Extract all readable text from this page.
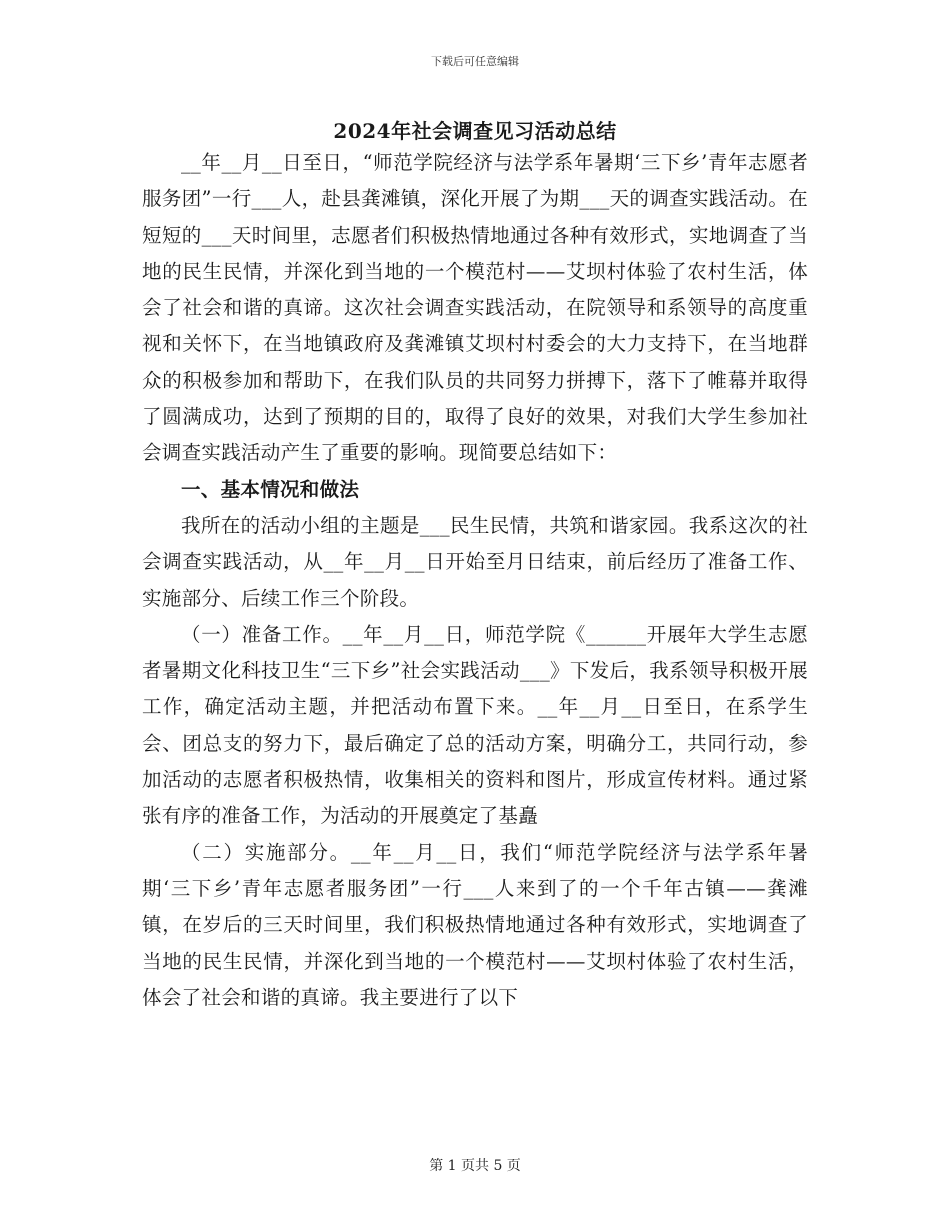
下载后可任意编辑
2024年社会调查见习活动总结

__年__月__日至日，“师范学院经济与法学系年暑期‘三下乡’青年志愿者服务团”一行___人，赴县龚滩镇，深化开展了为期___天的调查实践活动。在短短的___天时间里，志愿者们积极热情地通过各种有效形式，实地调查了当地的民生民情，并深化到当地的一个模范村——艾坝村体验了农村生活，体会了社会和谐的真谛。这次社会调查实践活动，在院领导和系领导的高度重视和关怀下，在当地镇政府及龚滩镇艾坝村村委会的大力支持下，在当地群众的积极参加和帮助下，在我们队员的共同努力拼搏下，落下了帷幕并取得了圆满成功，达到了预期的目的，取得了良好的效果，对我们大学生参加社会调查实践活动产生了重要的影响。现简要总结如下：

一、基本情况和做法

我所在的活动小组的主题是___民生民情，共筑和谐家园。我系这次的社会调查实践活动，从__年__月__日开始至月日结束，前后经历了准备工作、实施部分、后续工作三个阶段。

（一）准备工作。__年__月__日，师范学院《______开展年大学生志愿者暑期文化科技卫生“三下乡”社会实践活动___》下发后，我系领导积极开展工作，确定活动主题，并把活动布置下来。__年__月__日至日，在系学生会、团总支的努力下，最后确定了总的活动方案，明确分工，共同行动，参加活动的志愿者积极热情，收集相关的资料和图片，形成宣传材料。通过紧张有序的准备工作，为活动的开展奠定了基矗

（二）实施部分。__年__月__日，我们“师范学院经济与法学系年暑期‘三下乡’青年志愿者服务团”一行___人来到了的一个千年古镇——龚滩镇，在岁后的三天时间里，我们积极热情地通过各种有效形式，实地调查了当地的民生民情，并深化到当地的一个模范村——艾坝村体验了农村生活，体会了社会和谐的真谛。我主要进行了以下

第 1 页共 5 页
